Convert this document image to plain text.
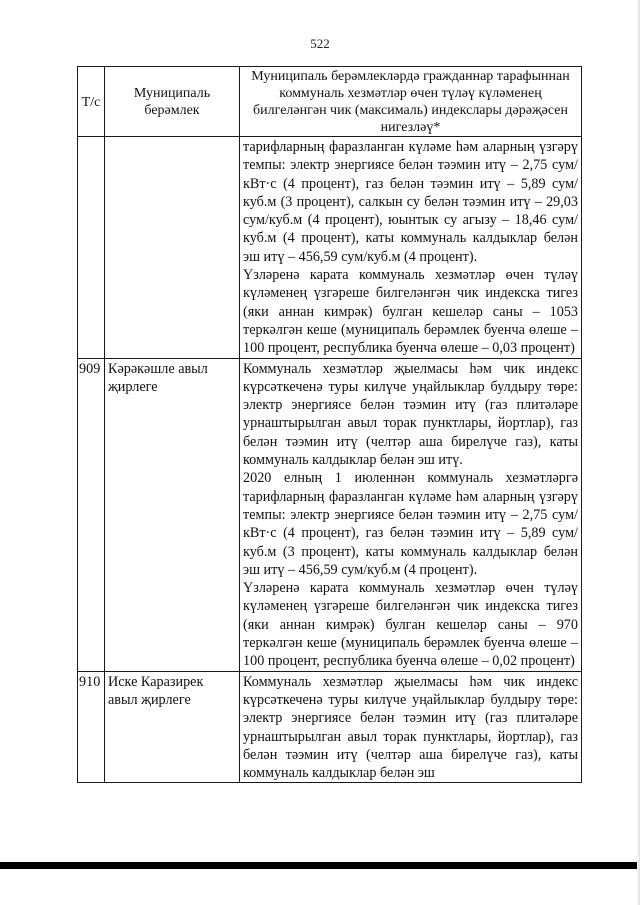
522
Т/с	Муниципаль берәмлек	Муниципаль берәмлекләрдә гражданнар тарафыннан коммуналь хезмәтләр өчен түләү күләменең билгеләнгән чик (максималь) индекслары дәрәҗәсен нигезләү*

		тарифларның фаразланган күләме һәм аларның үзгәрү темпы: электр энергиясе белән тәэмин итү – 2,75 сум/кВт·с (4 процент), газ белән тәэмин итү – 5,89 сум/куб.м (3 процент), салкын су белән тәэмин итү – 29,03 сум/куб.м (4 процент), юынтык су агызу – 18,46 сум/куб.м (4 процент), каты коммуналь калдыклар белән эш итү – 456,59 сум/куб.м (4 процент).

Үзләренә карата коммуналь хезмәтләр өчен түләү күләменең үзгәреше билгеләнгән чик индекска тигез (яки аннан кимрәк) булган кешеләр саны – 1053 теркәлгән кеше (муниципаль берәмлек буенча өлеше – 100 процент, республика буенча өлеше – 0,03 процент)

909	Кәрәкәшле авыл җирлеге	Коммуналь хезмәтләр җыелмасы һәм чик индекс күрсәткеченә туры килүче уңайлыклар булдыру төре: электр энергиясе белән тәэмин итү (газ плитәләре урнаштырылган авыл торак пунктлары, йортлар), газ белән тәэмин итү (челтәр аша бирелүче газ), каты коммуналь калдыклар белән эш итү.

2020 елның 1 июленнән коммуналь хезмәтләргә тарифларның фаразланган күләме һәм аларның үзгәрү темпы: электр энергиясе белән тәэмин итү – 2,75 сум/кВт·с (4 процент), газ белән тәэмин итү – 5,89 сум/куб.м (3 процент), каты коммуналь калдыклар белән эш итү – 456,59 сум/куб.м (4 процент).

Үзләренә карата коммуналь хезмәтләр өчен түләү күләменең үзгәреше билгеләнгән чик индекска тигез (яки аннан кимрәк) булган кешеләр саны – 970 теркәлгән кеше (муниципаль берәмлек буенча өлеше – 100 процент, республика буенча өлеше – 0,02 процент)

910	Иске Каразирек авыл җирлеге	Коммуналь хезмәтләр җыелмасы һәм чик индекс күрсәткеченә туры килүче уңайлыклар булдыру төре: электр энергиясе белән тәэмин итү (газ плитәләре урнаштырылган авыл торак пунктлары, йортлар), газ белән тәэмин итү (челтәр аша бирелүче газ), каты коммуналь калдыклар белән эш
